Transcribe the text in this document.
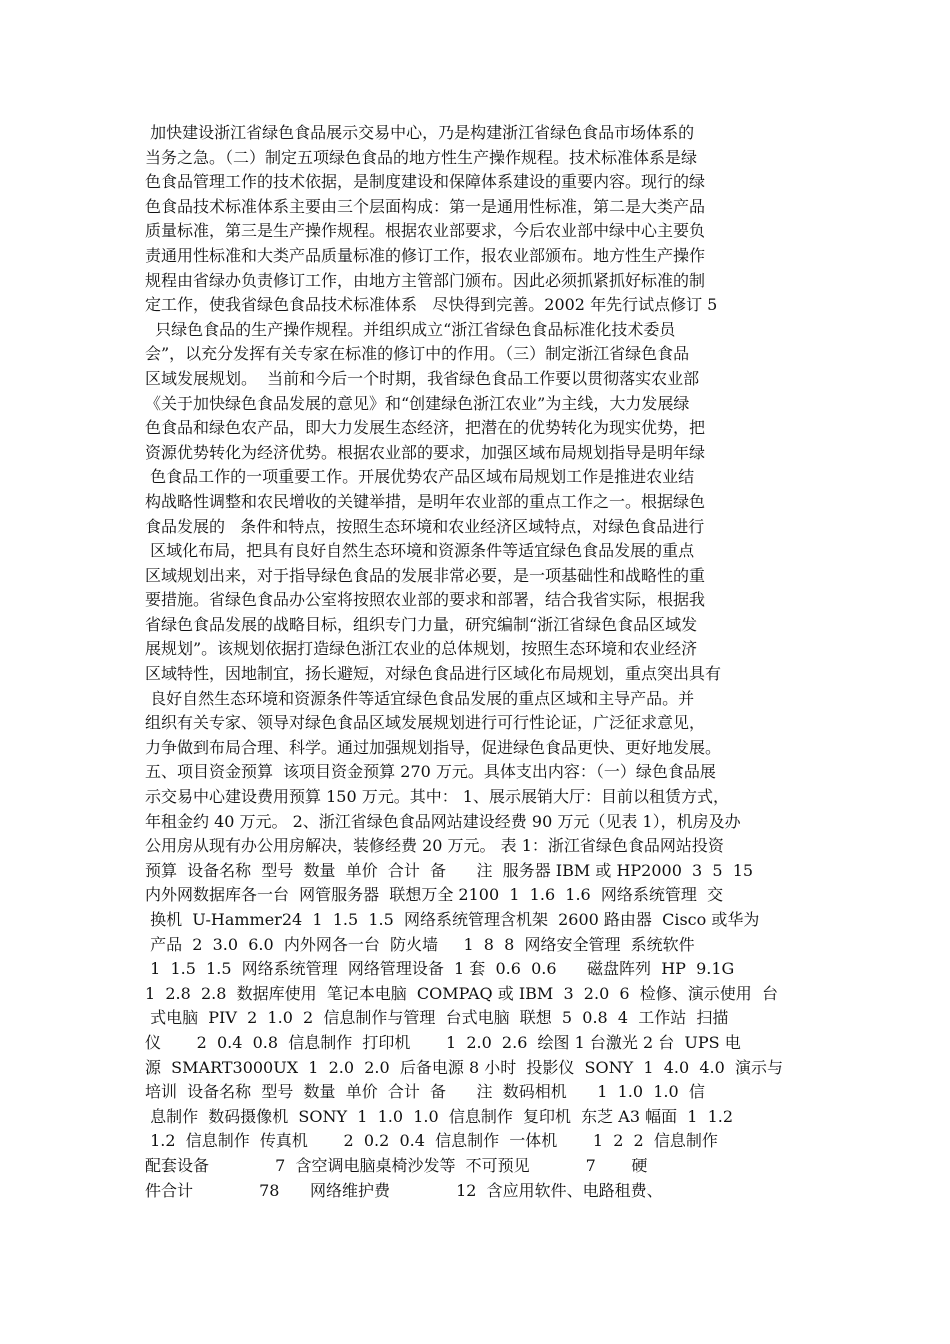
加快建设浙江省绿色食品展示交易中心，乃是构建浙江省绿色食品市场体系的
当务之急。（二）制定五项绿色食品的地方性生产操作规程。技术标准体系是绿
色食品管理工作的技术依据，是制度建设和保障体系建设的重要内容。现行的绿
色食品技术标准体系主要由三个层面构成：第一是通用性标准，第二是大类产品
质量标准，第三是生产操作规程。根据农业部要求，今后农业部中绿中心主要负
责通用性标准和大类产品质量标准的修订工作，报农业部颁布。地方性生产操作
规程由省绿办负责修订工作，由地方主管部门颁布。因此必须抓紧抓好标准的制
定工作，使我省绿色食品技术标准体系   尽快得到完善。2002 年先行试点修订 5
只绿色食品的生产操作规程。并组织成立“浙江省绿色食品标准化技术委员
会”，以充分发挥有关专家在标准的修订中的作用。（三）制定浙江省绿色食品
区域发展规划。  当前和今后一个时期，我省绿色食品工作要以贯彻落实农业部
《关于加快绿色食品发展的意见》和“创建绿色浙江农业”为主线，大力发展绿
色食品和绿色农产品，即大力发展生态经济，把潜在的优势转化为现实优势，把
资源优势转化为经济优势。根据农业部的要求，加强区域布局规划指导是明年绿
色食品工作的一项重要工作。开展优势农产品区域布局规划工作是推进农业结
构战略性调整和农民增收的关键举措，是明年农业部的重点工作之一。根据绿色
食品发展的   条件和特点，按照生态环境和农业经济区域特点，对绿色食品进行
区域化布局，把具有良好自然生态环境和资源条件等适宜绿色食品发展的重点
区域规划出来，对于指导绿色食品的发展非常必要，是一项基础性和战略性的重
要措施。省绿色食品办公室将按照农业部的要求和部署，结合我省实际，根据我
省绿色食品发展的战略目标，组织专门力量，研究编制“浙江省绿色食品区域发
展规划”。该规划依据打造绿色浙江农业的总体规划，按照生态环境和农业经济
区域特性，因地制宜，扬长避短，对绿色食品进行区域化布局规划，重点突出具有
良好自然生态环境和资源条件等适宜绿色食品发展的重点区域和主导产品。并
组织有关专家、领导对绿色食品区域发展规划进行可行性论证，广泛征求意见，
力争做到布局合理、科学。通过加强规划指导，促进绿色食品更快、更好地发展。
五、项目资金预算  该项目资金预算 270 万元。具体支出内容：（一）绿色食品展
示交易中心建设费用预算 150 万元。其中： 1、展示展销大厅：目前以租赁方式，
年租金约 40 万元。 2、浙江省绿色食品网站建设经费 90 万元（见表 1），机房及办
公用房从现有办公用房解决，装修经费 20 万元。 表 1：浙江省绿色食品网站投资
预算  设备名称  型号  数量  单价  合计  备      注  服务器 IBM 或 HP2000  3  5  15
内外网数据库各一台  网管服务器  联想万全 2100  1  1.6  1.6  网络系统管理  交
换机  U-Hammer24  1  1.5  1.5  网络系统管理含机架  2600 路由器  Cisco 或华为
产品  2  3.0  6.0  内外网各一台  防火墙     1  8  8  网络安全管理  系统软件
1  1.5  1.5  网络系统管理  网络管理设备  1 套  0.6  0.6      磁盘阵列  HP  9.1G
1  2.8  2.8  数据库使用  笔记本电脑  COMPAQ 或 IBM  3  2.0  6  检修、演示使用  台
式电脑  PIV  2  1.0  2  信息制作与管理  台式电脑  联想  5  0.8  4  工作站  扫描
仪       2  0.4  0.8  信息制作  打印机       1  2.0  2.6  绘图 1 台激光 2 台  UPS 电
源  SMART3000UX  1  2.0  2.0  后备电源 8 小时  投影仪  SONY  1  4.0  4.0  演示与
培训  设备名称  型号  数量  单价  合计  备      注  数码相机      1  1.0  1.0  信
息制作  数码摄像机  SONY  1  1.0  1.0  信息制作  复印机  东芝 A3 幅面  1  1.2
1.2  信息制作  传真机       2  0.2  0.4  信息制作  一体机       1  2  2  信息制作
配套设备             7  含空调电脑桌椅沙发等  不可预见           7       硬
件合计             78      网络维护费             12  含应用软件、电路租费、
